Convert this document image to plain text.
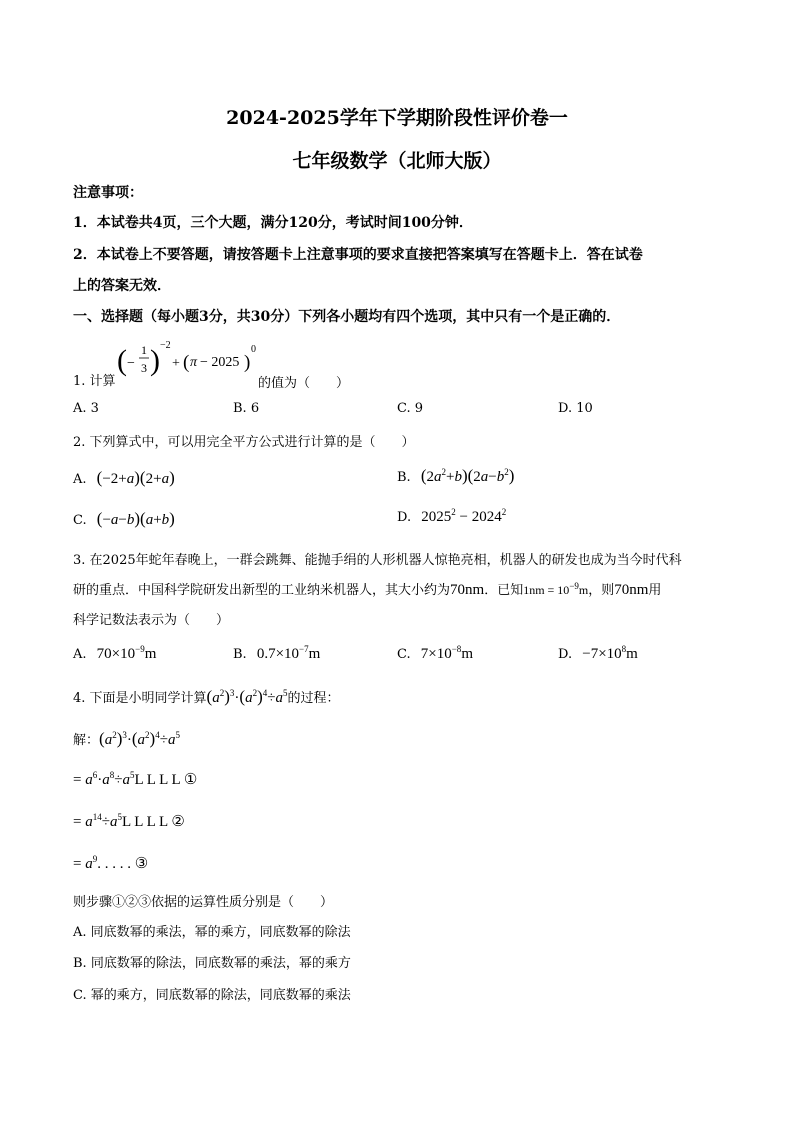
2024-2025学年下学期阶段性评价卷一
七年级数学（北师大版）
注意事项：
1．本试卷共4页，三个大题，满分120分，考试时间100分钟．
2．本试卷上不要答题，请按答题卡上注意事项的要求直接把答案填写在答题卡上．答在试卷
上的答案无效．
一、选择题（每小题3分，共30分）下列各小题均有四个选项，其中只有一个是正确的．
1. 计算
( −
1
3 ) −2
+ ( π − 2025 )
0
的值为（　　）
A. 3	B. 6	C. 9	D. 10
2. 下列算式中，可以用完全平方公式进行计算的是（　　）
A. (−2+a)(2+a)	B. $(2a^2+b)(2a-b^2)$
C. (−a−b)(a+b)	D. $2025^2 - 2024^2$
3. 在2025年蛇年春晚上，一群会跳舞、能抛手绢的人形机器人惊艳亮相，机器人的研发也成为当今时代科
研的重点．中国科学院研发出新型的工业纳米机器人，其大小约为70nm．已知$1nm = 10^{-9}m$，则70nm用
科学记数法表示为（　　）
A. $70\times 10^{-9}m$	B. $0.7\times 10^{-7}m$	C. $7\times 10^{-8}m$	D. $-7\times 10^8m$
4. 下面是小明同学计算$(a^2)^3\cdot(a^2)^4\div a^5$的过程：
解：$(a^2)^3\cdot(a^2)^4\div a^5$
= $a^6\cdot a^8\div a^5L$ L L L ①
= $a^{14}\div a^5L$ L L L ②
= $a^9$. . . . . ③
则步骤①②③依据的运算性质分别是（　　）
A. 同底数幂的乘法，幂的乘方，同底数幂的除法
B. 同底数幂的除法，同底数幂的乘法，幂的乘方
C. 幂的乘方，同底数幂的除法，同底数幂的乘法
